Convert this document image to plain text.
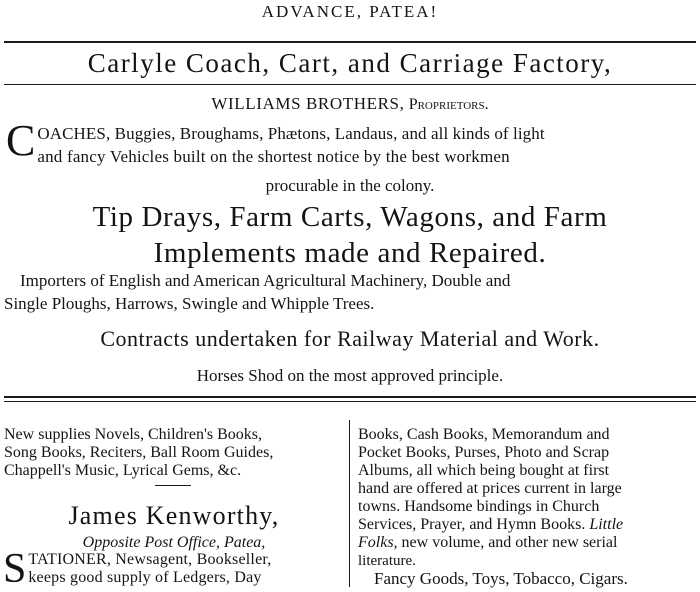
ADVANCE, PATEA!
Carlyle Coach, Cart, and Carriage Factory,
WILLIAMS BROTHERS, Proprietors.
C OACHES, Buggies, Broughams, Phætons, Landaus, and all kinds of light
and fancy Vehicles built on the shortest notice by the best workmen
procurable in the colony.
Tip Drays, Farm Carts, Wagons, and Farm
Implements made and Repaired.
Importers of English and American Agricultural Machinery, Double and
Single Ploughs, Harrows, Swingle and Whipple Trees.
Contracts undertaken for Railway Material and Work.
Horses Shod on the most approved principle.
New supplies Novels, Children's Books,
Song Books, Reciters, Ball Room Guides,
Chappell's Music, Lyrical Gems, &c.
James Kenworthy,
Opposite Post Office, Patea,
S TATIONER, Newsagent, Bookseller,
keeps good supply of Ledgers, Day
Books, Cash Books, Memorandum and
Pocket Books, Purses, Photo and Scrap
Albums, all which being bought at first
hand are offered at prices current in large
towns. Handsome bindings in Church
Services, Prayer, and Hymn Books. Little
Folks, new volume, and other new serial
literature.
Fancy Goods, Toys, Tobacco, Cigars.
